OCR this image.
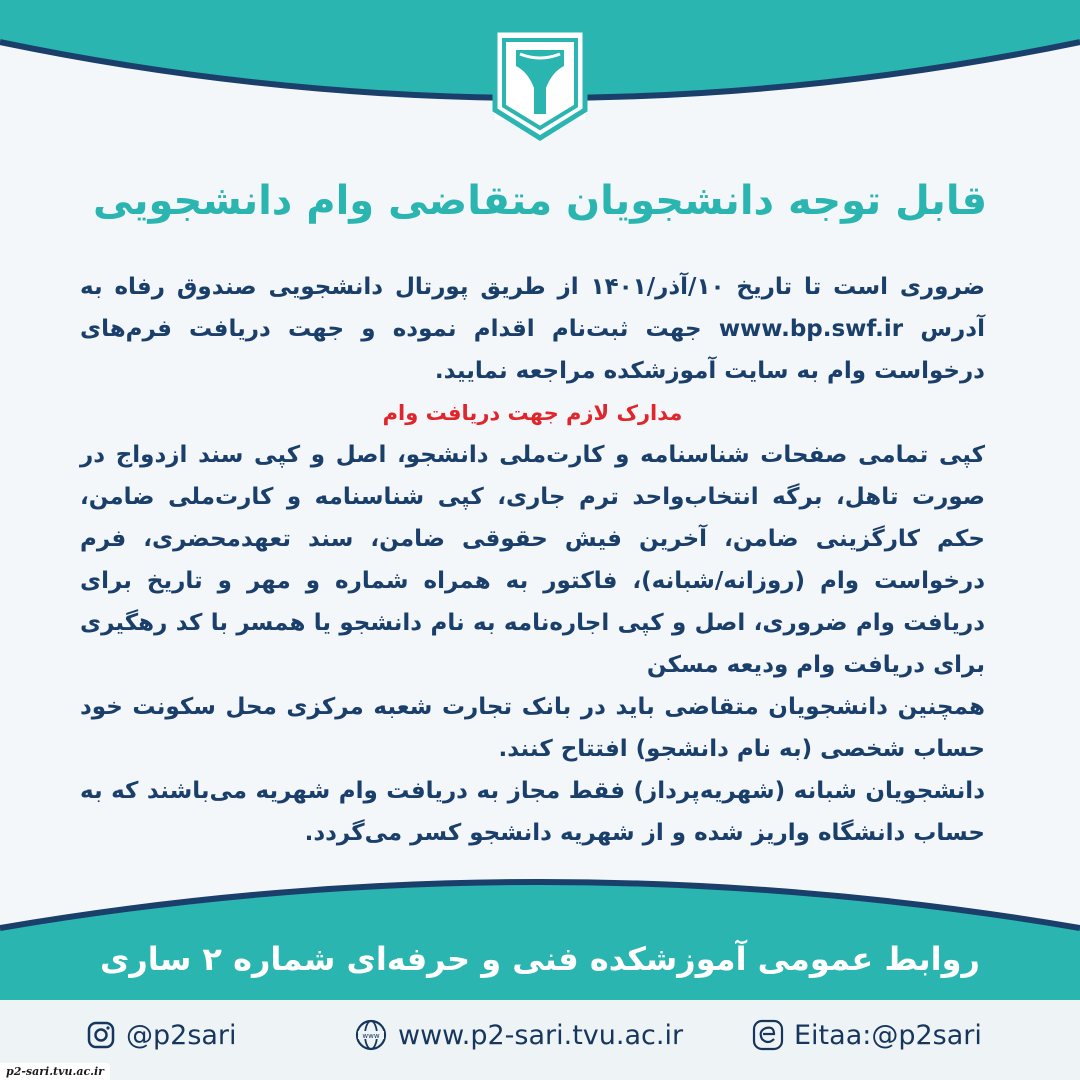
قابل توجه دانشجویان متقاضی وام دانشجویی

ضروری است تا تاریخ ۱۰/آذر/۱۴۰۱ از طریق پورتال دانشجویی صندوق رفاه به آدرس www.bp.swf.ir جهت ثبت‌نام اقدام نموده و جهت دریافت فرم‌های درخواست وام به سایت آموزشکده مراجعه نمایید.

مدارک لازم جهت دریافت وام

کپی تمامی صفحات شناسنامه و کارت‌ملی دانشجو، اصل و کپی سند ازدواج در صورت تاهل، برگه انتخاب‌واحد ترم جاری، کپی شناسنامه و کارت‌ملی ضامن، حکم کارگزینی ضامن، آخرین فیش حقوقی ضامن، سند تعهدمحضری، فرم درخواست وام (روزانه/شبانه)، فاکتور به همراه شماره و مهر و تاریخ برای دریافت وام ضروری، اصل و کپی اجاره‌نامه به نام دانشجو یا همسر با کد رهگیری برای دریافت وام ودیعه مسکن

همچنین دانشجویان متقاضی باید در بانک تجارت شعبه مرکزی محل سکونت خود حساب شخصی (به نام دانشجو) افتتاح کنند.

دانشجویان شبانه (شهریه‌پرداز) فقط مجاز به دریافت وام شهریه می‌باشند که به حساب دانشگاه واریز شده و از شهریه دانشجو کسر می‌گردد.

روابط عمومی آموزشکده فنی و حرفه‌ای شماره ۲ ساری
@p2sari	www www.p2-sari.tvu.ac.ir	Eitaa:@p2sari
p2-sari.tvu.ac.ir
